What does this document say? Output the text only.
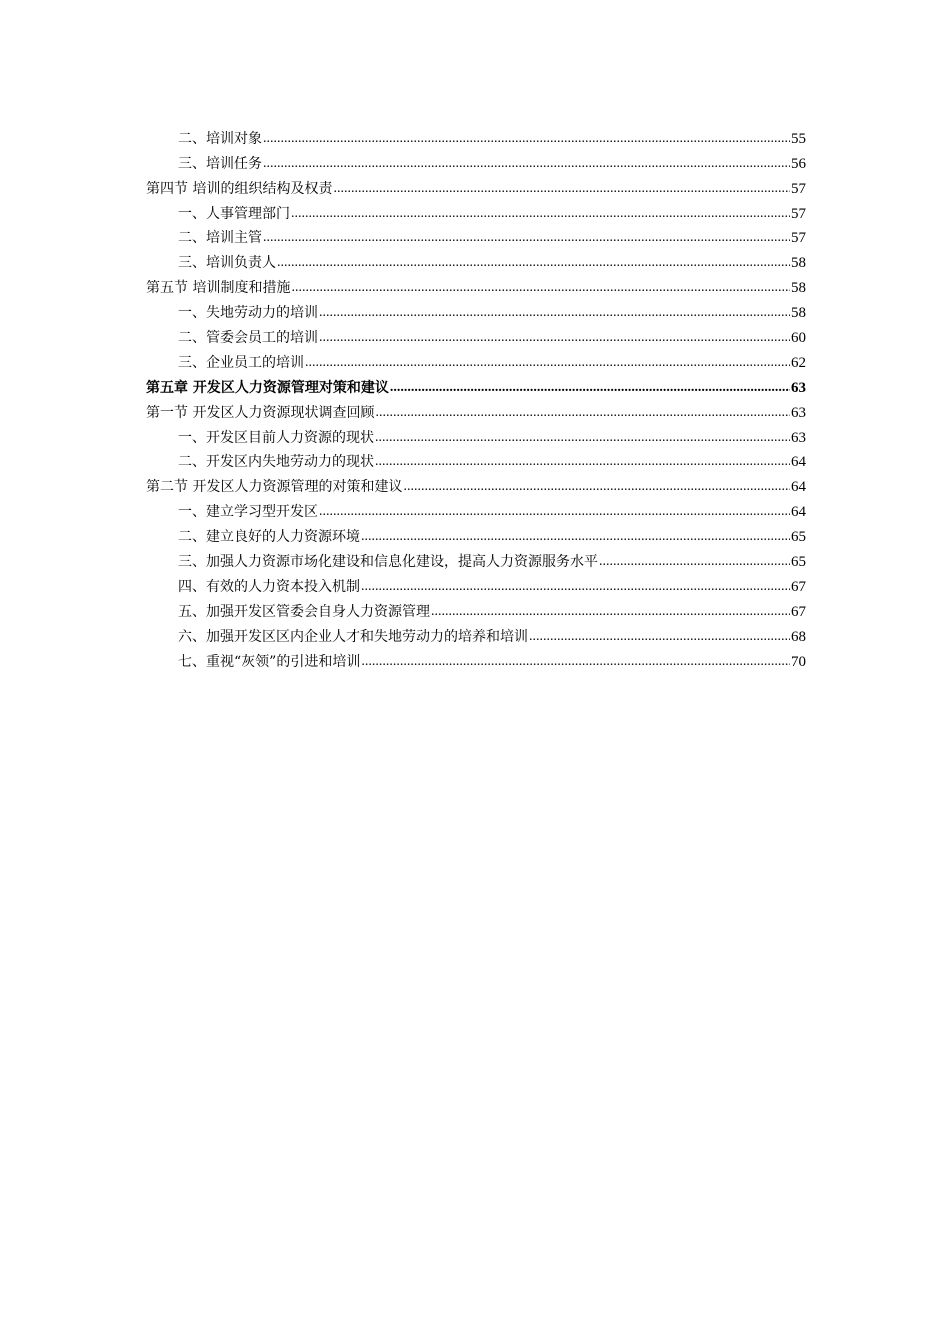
二、培训对象 .....	55
三、培训任务 .....	56
第四节 培训的组织结构及权责 .....	57
一、人事管理部门 .....	57
二、培训主管 .....	57
三、培训负责人 .....	58
第五节 培训制度和措施 .....	58
一、失地劳动力的培训 .....	58
二、管委会员工的培训 .....	60
三、企业员工的培训 .....	62
第五章 开发区人力资源管理对策和建议 .....	63
第一节 开发区人力资源现状调查回顾 .....	63
一、开发区目前人力资源的现状 .....	63
二、开发区内失地劳动力的现状 .....	64
第二节 开发区人力资源管理的对策和建议 .....	64
一、建立学习型开发区 .....	64
二、建立良好的人力资源环境 .....	65
三、加强人力资源市场化建设和信息化建设，提高人力资源服务水平 .....	65
四、有效的人力资本投入机制 .....	67
五、加强开发区管委会自身人力资源管理 .....	67
六、加强开发区区内企业人才和失地劳动力的培养和培训 .....	68
七、重视“灰领”的引进和培训 .....	70
